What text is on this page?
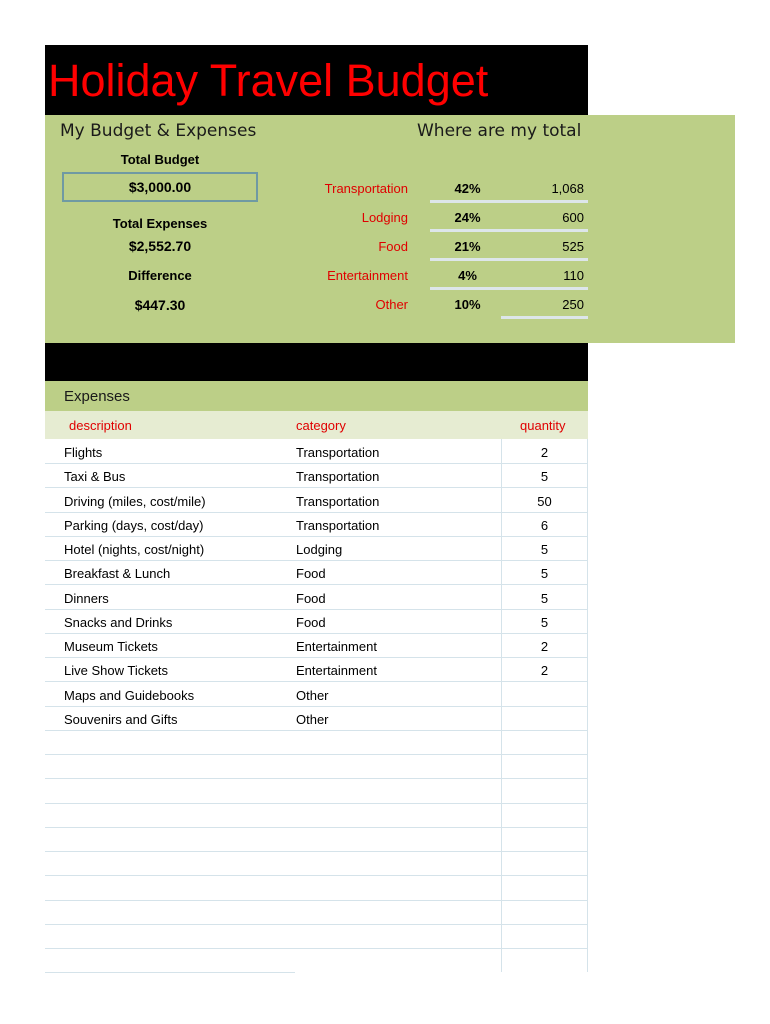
Holiday Travel Budget
My Budget & Expenses	Where are my total
Total Budget
$3,000.00
Total Expenses
$2,552.70
Difference
$447.30
Transportation	42%	1,068
Lodging	24%	600
Food	21%	525
Entertainment	4%	110
Other	10%	250
Expenses
description	category	quantity
Flights	Transportation	2
Taxi & Bus	Transportation	5
Driving (miles, cost/mile)	Transportation	50
Parking (days, cost/day)	Transportation	6
Hotel (nights, cost/night)	Lodging	5
Breakfast & Lunch	Food	5
Dinners	Food	5
Snacks and Drinks	Food	5
Museum Tickets	Entertainment	2
Live Show Tickets	Entertainment	2
Maps and Guidebooks	Other
Souvenirs and Gifts	Other
